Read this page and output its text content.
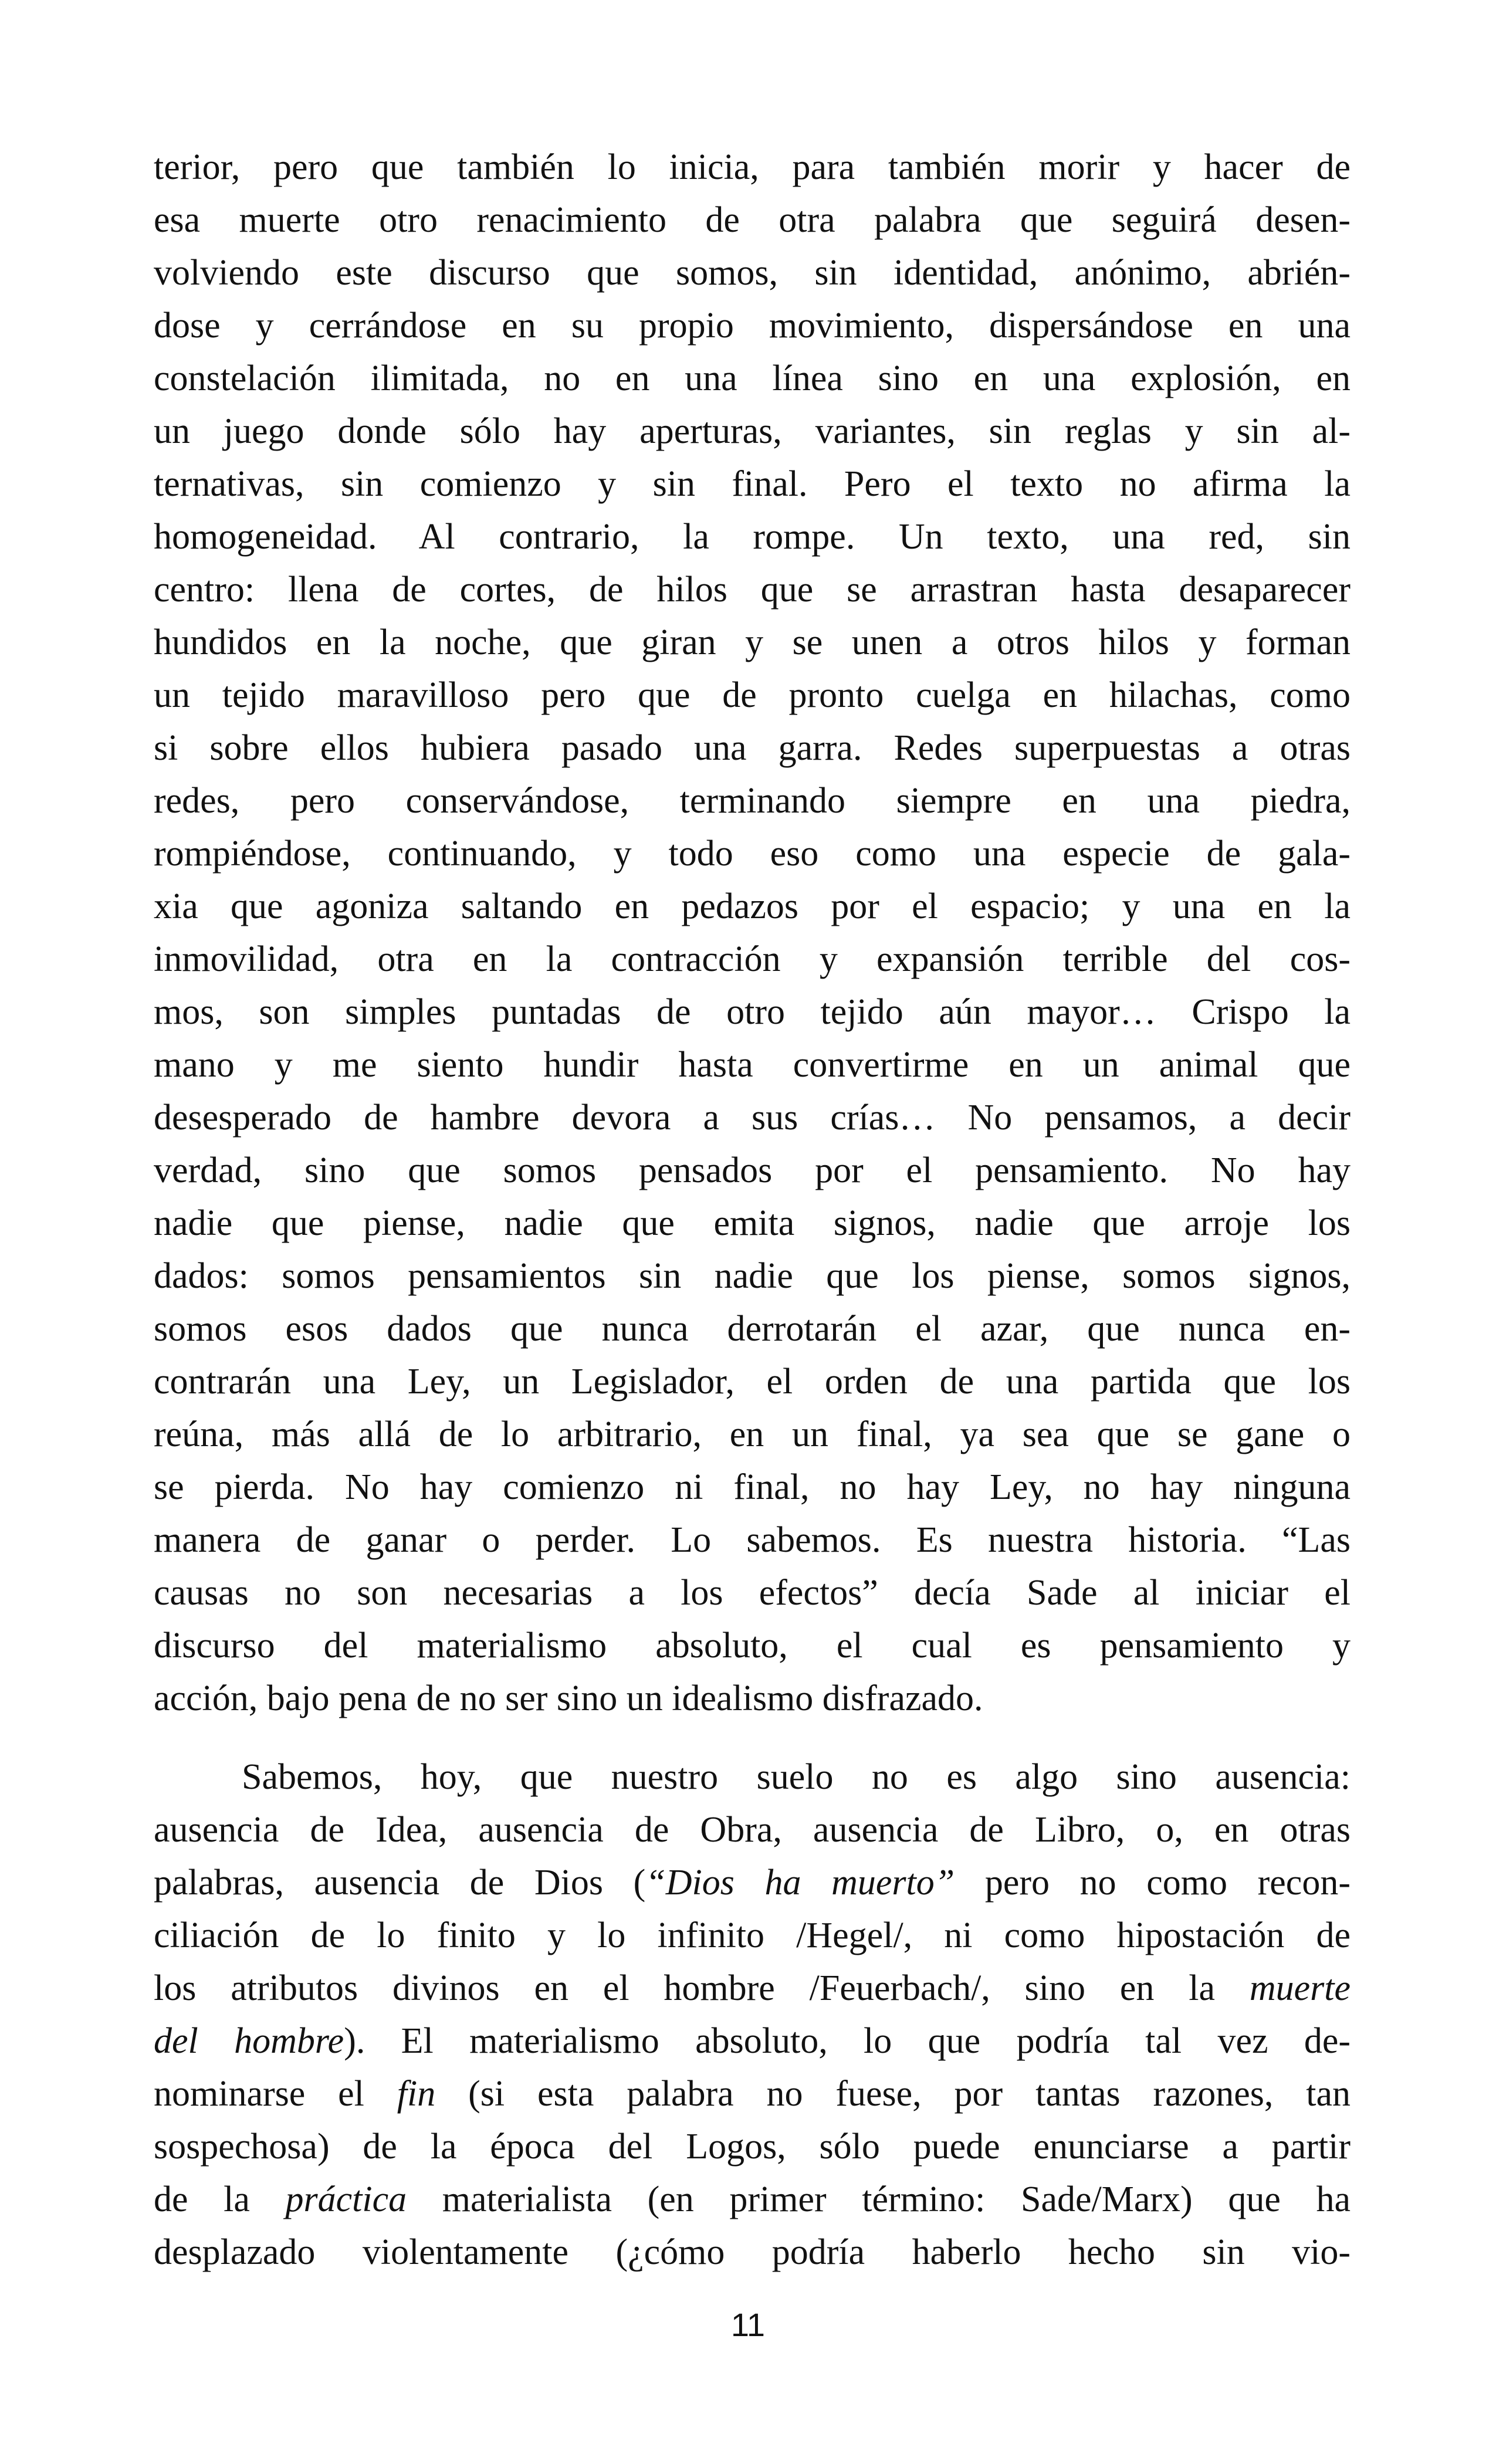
terior, pero que también lo inicia, para también morir y hacer de
esa muerte otro renacimiento de otra palabra que seguirá desen-
volviendo este discurso que somos, sin identidad, anónimo, abrién-
dose y cerrándose en su propio movimiento, dispersándose en una
constelación ilimitada, no en una línea sino en una explosión, en
un juego donde sólo hay aperturas, variantes, sin reglas y sin al-
ternativas, sin comienzo y sin final. Pero el texto no afirma la
homogeneidad. Al contrario, la rompe. Un texto, una red, sin
centro: llena de cortes, de hilos que se arrastran hasta desaparecer
hundidos en la noche, que giran y se unen a otros hilos y forman
un tejido maravilloso pero que de pronto cuelga en hilachas, como
si sobre ellos hubiera pasado una garra. Redes superpuestas a otras
redes, pero conservándose, terminando siempre en una piedra,
rompiéndose, continuando, y todo eso como una especie de gala-
xia que agoniza saltando en pedazos por el espacio; y una en la
inmovilidad, otra en la contracción y expansión terrible del cos-
mos, son simples puntadas de otro tejido aún mayor… Crispo la
mano y me siento hundir hasta convertirme en un animal que
desesperado de hambre devora a sus crías… No pensamos, a decir
verdad, sino que somos pensados por el pensamiento. No hay
nadie que piense, nadie que emita signos, nadie que arroje los
dados: somos pensamientos sin nadie que los piense, somos signos,
somos esos dados que nunca derrotarán el azar, que nunca en-
contrarán una Ley, un Legislador, el orden de una partida que los
reúna, más allá de lo arbitrario, en un final, ya sea que se gane o
se pierda. No hay comienzo ni final, no hay Ley, no hay ninguna
manera de ganar o perder. Lo sabemos. Es nuestra historia. “Las
causas no son necesarias a los efectos” decía Sade al iniciar el
discurso del materialismo absoluto, el cual es pensamiento y
acción, bajo pena de no ser sino un idealismo disfrazado.
Sabemos, hoy, que nuestro suelo no es algo sino ausencia:
ausencia de Idea, ausencia de Obra, ausencia de Libro, o, en otras
palabras, ausencia de Dios (“Dios ha muerto” pero no como recon-
ciliación de lo finito y lo infinito /Hegel/, ni como hipostación de
los atributos divinos en el hombre /Feuerbach/, sino en la muerte
del hombre). El materialismo absoluto, lo que podría tal vez de-
nominarse el fin (si esta palabra no fuese, por tantas razones, tan
sospechosa) de la época del Logos, sólo puede enunciarse a partir
de la práctica materialista (en primer término: Sade/Marx) que ha
desplazado violentamente (¿cómo podría haberlo hecho sin vio-
11
